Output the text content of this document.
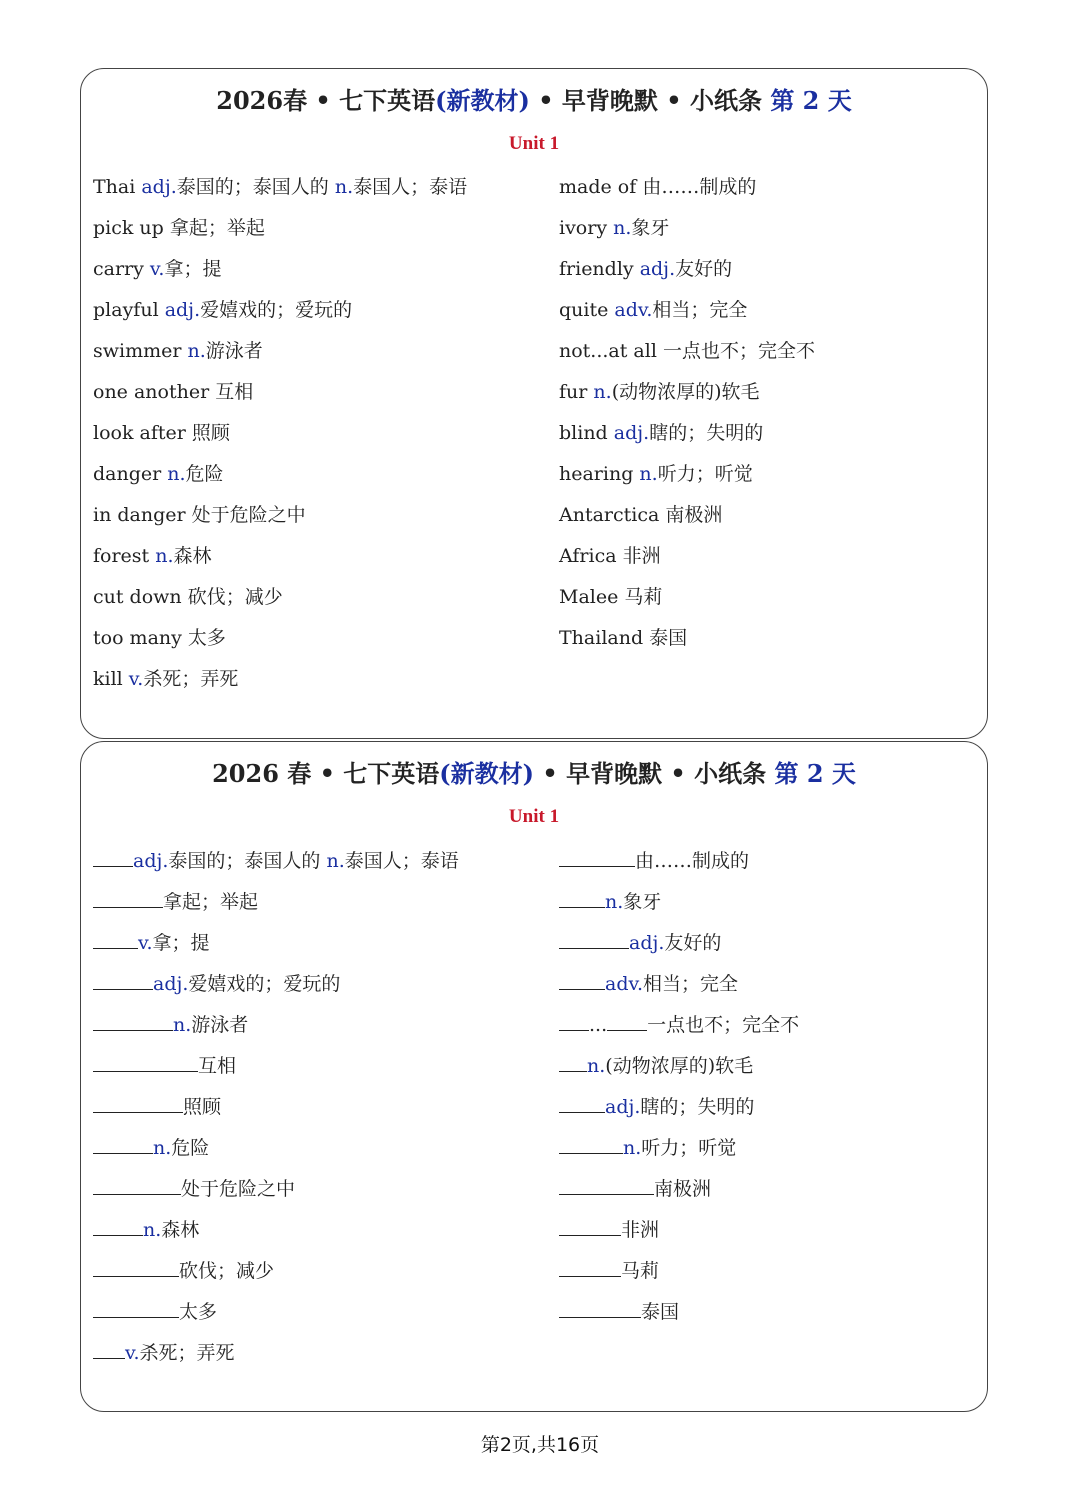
2026春 • 七下英语(新教材) • 早背晚默 • 小纸条 第 2 天
Unit 1
Thai adj.泰国的；泰国人的 n.泰国人；泰语
pick up 拿起；举起
carry v.拿；提
playful adj.爱嬉戏的；爱玩的
swimmer n.游泳者
one another 互相
look after 照顾
danger n.危险
in danger 处于危险之中
forest n.森林
cut down 砍伐；减少
too many 太多
kill v.杀死；弄死
made of 由……制成的
ivory n.象牙
friendly adj.友好的
quite adv.相当；完全
not...at all 一点也不；完全不
fur n.(动物浓厚的)软毛
blind adj.瞎的；失明的
hearing n.听力；听觉
Antarctica 南极洲
Africa 非洲
Malee 马莉
Thailand 泰国
2026 春 • 七下英语(新教材) • 早背晚默 • 小纸条 第 2 天
Unit 1
adj.泰国的；泰国人的 n.泰国人；泰语
拿起；举起
v.拿；提
adj.爱嬉戏的；爱玩的
n.游泳者
互相
照顾
n.危险
处于危险之中
n.森林
砍伐；减少
太多
v.杀死；弄死
由……制成的
n.象牙
adj.友好的
adv.相当；完全
... 一点也不；完全不
n.(动物浓厚的)软毛
adj.瞎的；失明的
n.听力；听觉
南极洲
非洲
马莉
泰国
第2页,共16页
